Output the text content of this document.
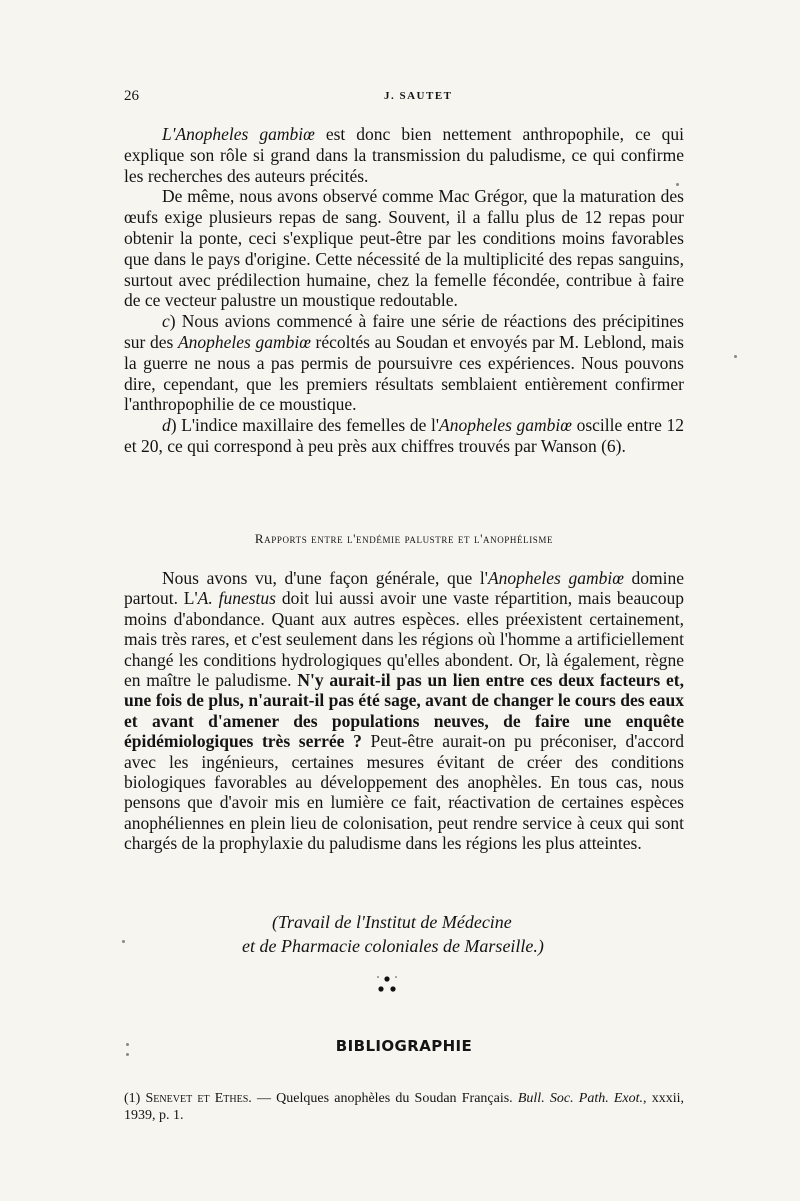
26	J. SAUTET

L'Anopheles gambiœ est donc bien nettement anthropophile, ce qui explique son rôle si grand dans la transmission du paludisme, ce qui confirme les recherches des auteurs précités.

De même, nous avons observé comme Mac Grégor, que la maturation des œufs exige plusieurs repas de sang. Souvent, il a fallu plus de 12 repas pour obtenir la ponte, ceci s'explique peut-être par les conditions moins favorables que dans le pays d'origine. Cette nécessité de la multiplicité des repas sanguins, surtout avec prédilection humaine, chez la femelle fécondée, contribue à faire de ce vecteur palustre un moustique redoutable.

c) Nous avions commencé à faire une série de réactions des précipitines sur des Anopheles gambiœ récoltés au Soudan et envoyés par M. Leblond, mais la guerre ne nous a pas permis de poursuivre ces expériences. Nous pouvons dire, cependant, que les premiers résultats semblaient entièrement confirmer l'anthropophilie de ce moustique.

d) L'indice maxillaire des femelles de l'Anopheles gambiœ oscille entre 12 et 20, ce qui correspond à peu près aux chiffres trouvés par Wanson (6).

Rapports entre l'endémie palustre et l'anophélisme

Nous avons vu, d'une façon générale, que l'Anopheles gambiœ domine partout. L'A. funestus doit lui aussi avoir une vaste répartition, mais beaucoup moins d'abondance. Quant aux autres espèces. elles préexistent certainement, mais très rares, et c'est seulement dans les régions où l'homme a artificiellement changé les conditions hydrologiques qu'elles abondent. Or, là également, règne en maître le paludisme. N'y aurait-il pas un lien entre ces deux facteurs et, une fois de plus, n'aurait-il pas été sage, avant de changer le cours des eaux et avant d'amener des populations neuves, de faire une enquête épidémiologiques très serrée ? Peut-être aurait-on pu préconiser, d'accord avec les ingénieurs, certaines mesures évitant de créer des conditions biologiques favorables au développement des anophèles. En tous cas, nous pensons que d'avoir mis en lumière ce fait, réactivation de certaines espèces anophéliennes en plein lieu de colonisation, peut rendre service à ceux qui sont chargés de la prophylaxie du paludisme dans les régions les plus atteintes.

(Travail de l'Institut de Médecine
et de Pharmacie coloniales de Marseille.)
BIBLIOGRAPHIE
(1) Senevet et Ethes. — Quelques anophèles du Soudan Français. Bull. Soc. Path. Exot., xxxii, 1939, p. 1.
